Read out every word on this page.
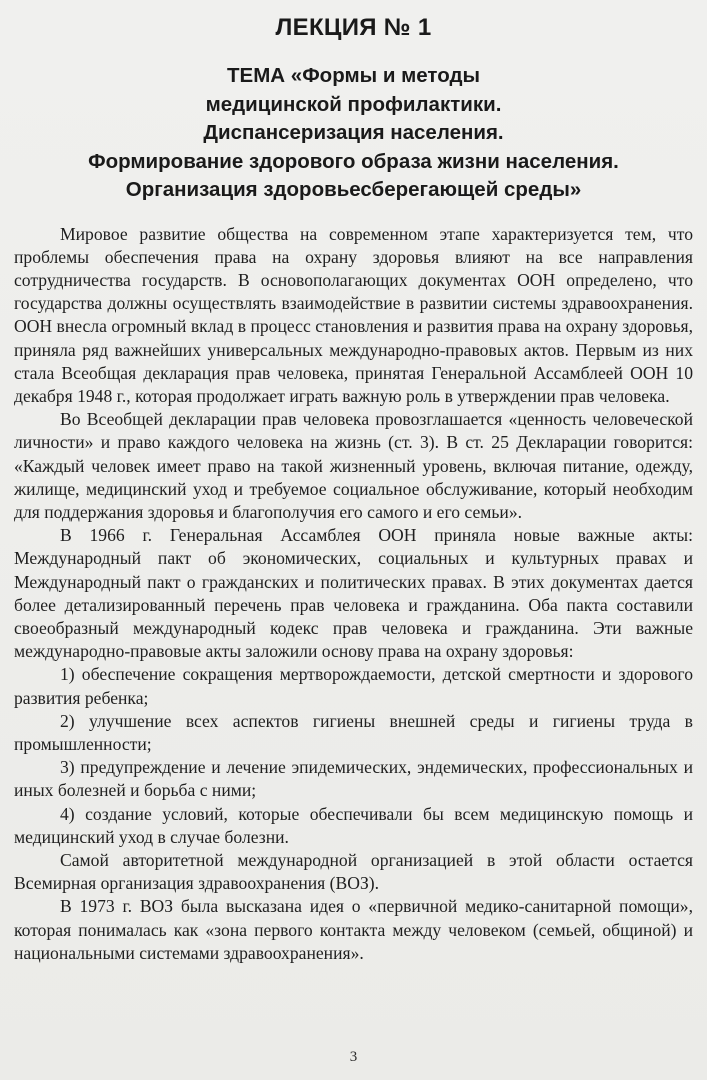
ЛЕКЦИЯ № 1
ТЕМА «Формы и методы
медицинской профилактики.
Диспансеризация населения.
Формирование здорового образа жизни населения.
Организация здоровьесберегающей среды»

Мировое развитие общества на современном этапе характеризуется тем, что проблемы обеспечения права на охрану здоровья влияют на все направления сотрудничества государств. В основополагающих документах ООН определено, что государства должны осуществлять взаимодействие в развитии системы здравоохранения. ООН внесла огромный вклад в процесс становления и развития права на охрану здоровья, приняла ряд важнейших универсальных международно-правовых актов. Первым из них стала Всеобщая декларация прав человека, принятая Генеральной Ассамблеей ООН 10 декабря 1948 г., которая продолжает играть важную роль в утверждении прав человека.

Во Всеобщей декларации прав человека провозглашается «ценность человеческой личности» и право каждого человека на жизнь (ст. 3). В ст. 25 Декларации говорится: «Каждый человек имеет право на такой жизненный уровень, включая питание, одежду, жилище, медицинский уход и требуемое социальное обслуживание, который необходим для поддержания здоровья и благополучия его самого и его семьи».

В 1966 г. Генеральная Ассамблея ООН приняла новые важные акты: Международный пакт об экономических, социальных и культурных правах и Международный пакт о гражданских и политических правах. В этих документах дается более детализированный перечень прав человека и гражданина. Оба пакта составили своеобразный международный кодекс прав человека и гражданина. Эти важные международно-правовые акты заложили основу права на охрану здоровья:

1) обеспечение сокращения мертворождаемости, детской смертности и здорового развития ребенка;

2) улучшение всех аспектов гигиены внешней среды и гигиены труда в промышленности;

3) предупреждение и лечение эпидемических, эндемических, профессиональных и иных болезней и борьба с ними;

4) создание условий, которые обеспечивали бы всем медицинскую помощь и медицинский уход в случае болезни.

Самой авторитетной международной организацией в этой области остается Всемирная организация здравоохранения (ВОЗ).

В 1973 г. ВОЗ была высказана идея о «первичной медико-санитарной помощи», которая понималась как «зона первого контакта между человеком (семьей, общиной) и национальными системами здравоохранения».

3
